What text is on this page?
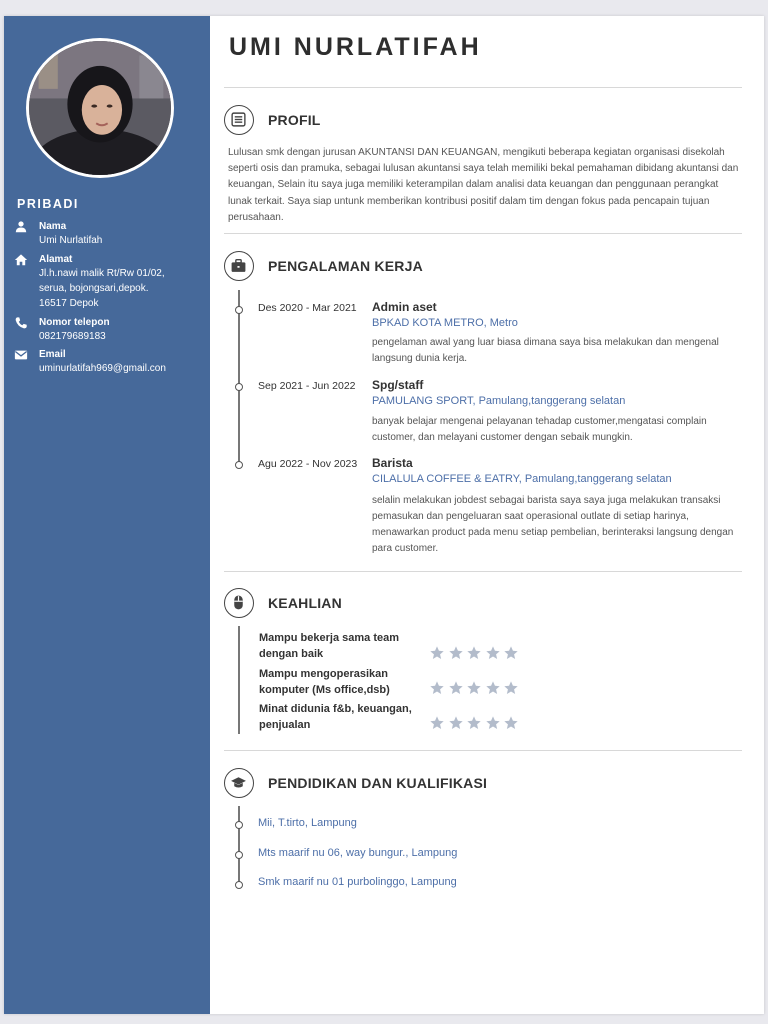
PRIBADI
Nama
Umi Nurlatifah
Alamat
Jl.h.nawi malik Rt/Rw 01/02,
serua, bojongsari,depok.
16517 Depok
Nomor telepon
082179689183
Email
uminurlatifah969@gmail.con
UMI NURLATIFAH
PROFIL
Lulusan smk dengan jurusan AKUNTANSI DAN KEUANGAN, mengikuti beberapa kegiatan organisasi disekolah seperti osis dan pramuka, sebagai lulusan akuntansi saya telah memiliki bekal pemahaman dibidang akuntansi dan keuangan, Selain itu saya juga memiliki keterampilan dalam analisi data keuangan dan penggunaan perangkat lunak terkait. Saya siap untunk memberikan kontribusi positif dalam tim dengan fokus pada pencapain tujuan perusahaan.
PENGALAMAN KERJA
Des 2020 - Mar 2021 Admin aset
BPKAD KOTA METRO, Metro
pengelaman awal yang luar biasa dimana saya bisa melakukan dan mengenal langsung dunia kerja.
Sep 2021 - Jun 2022 Spg/staff
PAMULANG SPORT, Pamulang,tanggerang selatan
banyak belajar mengenai pelayanan tehadap customer,mengatasi complain customer, dan melayani customer dengan sebaik mungkin.
Agu 2022 - Nov 2023 Barista
CILALULA COFFEE & EATRY, Pamulang,tanggerang selatan
selalin melakukan jobdest sebagai barista saya saya juga melakukan transaksi pemasukan dan pengeluaran saat operasional outlate di setiap harinya, menawarkan product pada menu setiap pembelian, berinteraksi langsung dengan para customer.
KEAHLIAN
Mampu bekerja sama team dengan baik
Mampu mengoperasikan komputer (Ms office,dsb)
Minat didunia f&b, keuangan, penjualan
PENDIDIKAN DAN KUALIFIKASI
Mii, T.tirto, Lampung
Mts maarif nu 06, way bungur., Lampung
Smk maarif nu 01 purbolinggo, Lampung
